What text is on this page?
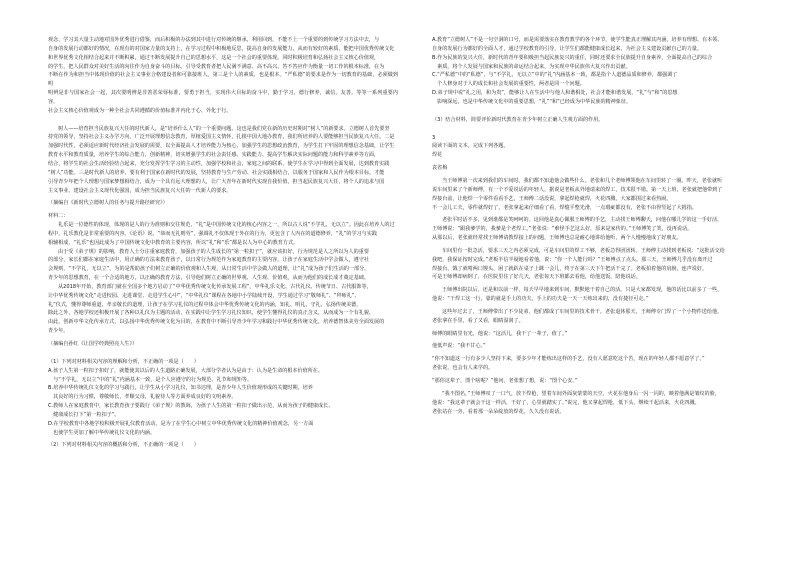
观念，学习其大量主动地对国外优秀进行借鉴，而后积极的办法到其中进行对传统的继承，利用回到，不能不上一个重要的到传统学习方法中去，与

自身的发展行动都好的情况，在现有的对国家力量的支持上，在学习过程中积极地反思，提高自身的发展能力，从而有较好的素质，能把中国优秀传统文化

和世界优秀文化相结合起来并不断积累，通过不断发展提升自己的思想水平，这是一个社会的重要体现。同时积极培育和弘扬社会主义核心价值观，

的学生，把人民群众对美好生活的向往作为自身奋斗的目标。引导受教育者把人民满不满意、高不高兴、答不答应作为衡量一切工作的根本标准，在为

不断在作为和担当中体现价值的社会主义事业合格建设者和可靠接班人。第三是个人的素质，也是根本。“严私德”的要求是作为一切教育的基础，必须做到明

明辨是非与国家社会一起，其次要明辨是非善恶荣辱标准，要勇于担当，实现伟大目标的奋斗中，勤于学习，德行修养，诚信、友善。等等一系列重要内容，

社会主义核心价值观成为一种全社会共同遵循的价值标准并内化于心、外化于行。

树人——培育担当民族复兴大任的时代新人，是“培养什么人”的一个重要问题。这也是我们党在新的历史时期对“树人”的新要求。立德树人首先要坚

持党的领导，坚持社会主义办学方向，广泛开展理想信念教育，厚植爱国主义情怀，扎根中国大地办教育，我们所培养的人要能够担当民族复兴大任。二是

加强时代性，必须适应新时代经济社会发展的需要，以全面提高人才培养能力为核心，加强学生的思想政治教育，为学生打下牢固的理想信念基础，让学生

教育水平和教育质量，培养学生的综合能力，创新精神，切实增强学生的社会责任感、实践能力、提高学生解决实际问题的能力和科学素养等方面，

结合，将学生的社会生活经验结合起来，充分发挥学生学习的主动性，加强学校和社会、家庭之间的联系，使学生在学习中得到全面发展，达到教育实践

“树人”功能。三是时代新人的培养，要有利于国家在新时代的发展，坚持教育与生产劳动、社会实践相结合，以服务于国家和人民作为根本目标，才能

引导青少年把个人理想与国家梦想相结合，成为一个具有远大理想的人，让广大青年在新时代实现自我价值，担当起民族复兴大任，将个人的追求与国

主义事业、建设社会主义现代化强国，成为担当民族复兴大任的一代新人的要求。

（摘编自《新时代立德树人的任务与提升路径研究》）

材料二：

礼乐是一位德性的体现，体现的是人的行为准则和交往规范，“礼”是中国传统文化的核心内容之一，所以古人说“不学礼，无以立”。因此在培养人的过

程中，礼乐教化是非常重要的内容。《论语》说，“恭而无礼则劳”，强调礼不仅体现于外在的行为，更包含了人内在的道德修养，“礼”的学习与实践

相辅相成，“礼乐”也因此成为了中国传统文化中教育的主要内容，所以“礼”和“乐”都是以人为中心的教育方式。

由于受《弟子规》的影响，教育人士分注重家庭教育，加强孩子的人生成长的“第一粒扣子”，就应该扣好，行为规范是人之所以为人的重要

的部分，家长们都在家庭生活中，用正确的方法来教育孩子，以日常行为规范作为家庭教育的主要内容，让孩子在家庭生活中学会做人，遵守社

会规则，“不学礼，无以立”，为的是帮助孩子们树立正确的价值观和人生观，从日常生活中学会做人的道理，让“礼”成为孩子们生活的一部分。

青少年的思想教育，在一个合适的地方，以正确的教育方法，引导他们树立正确的世界观、人生观、价值观，从而为他们的成长成才奠定基础。

从2018年开始，教育部门就在全国多个地方启动了“中华优秀传统文化传承发展工程”，中华礼乐文化、古代礼仪、传统节日、古代服饰等，

让中华优秀传统文化“走进校园、走进课堂、走进学生心中”，“中华礼仪”课程在各地中小学陆续开设，学生通过学习“敬师礼”、“拜师礼”、

礼”仪式，懂得尊师重道、孝亲敬长的道理，让孩子在学习礼仪的过程中体会中华优秀传统文化的内涵，知礼、明礼、守礼，弘扬传统美德，

除此之外，各地学校还积极开展了各种以礼仪为主题的活动，在实践中让学生学习礼仪知识，使学生懂得礼仪的真正含义，从而成为一个有礼貌、

由此，创新中华文化传承方式，以弘扬中华优秀传统文化为目的，在教育中不断引导青少年学习和践行中华优秀传统文化，培养德智体美劳全面发展的

青少年。

（摘编自孙红《让国学经典照亮人生》）

（1）下列对材料相关内容的理解和分析，不正确的一项是（　　）

A.孩子人生第一粒扣子扣好了，就能使其以后的人生道路正确发展，大部分学者认为是由于：认为是生命的根本价值所在。

　与“不学礼，无以立”中的“礼”内涵基本一致，是个人应遵守的行为规范、礼节和规矩等。

B.培养中华传统礼仪文化的学习与践行，让学生从小学习礼仪，知书达理，是青少年人生价值观形成的关键时期，培养

　其良好的行为习惯，尊敬师长，孝顺父母，礼貌待人等方面养成良好的文明素养。

C.教师人在家庭教育中，家长教育孩子要践行《弟子规》的教诲，为孩子人生的第一粒扣子做出示范，从而为孩子的健康成长、

　健康成长打下“第一粒扣子”。

D.在学校教育中各地学校积极开展礼仪教育活动，是为了在学生心中树立中华优秀传统文化的精神价值观念，另一方面

　也使学生更加了解中华传统礼仪文化的内涵。

（2）下列对材料相关内容的概括和分析，不正确的一项是（　　）

A.教育“立德树人”不是一句空洞的口号，而是需要落实在教育教学的各个环节，使学生能真正理解其内涵，培养有理想、有本领、

自身的发展行为都好的全面人才，通过学校教育的引导，让学生们都能健康成长起来，为社会主义建设贡献自己的力量。

B.作为民族的复兴大任，新时代的青年要积极担当起民族复兴的重任，同时还要求全民族提升自身素养，全面提高自己的综合

　素质，将个人发展与国家和民族的命运结合起来，为实现中华民族伟大复兴作出贡献。

C.“严私德”中的“私德”，与“不学礼，无以立”中的“礼”内涵基本一致，都是指个人道德品质和修养，都强调了

　个人修身对于人的成长和社会发展的重要性，两者是同一个问题。

D.弟子规中说“礼之用，和为贵”，能够让人在生活中与他人和谐相处，社会才能和谐发展，“礼”与“和”的思想

　影响深远，也是中华传统文化中的重要思想，“礼”“和”已经成为中华民族的精神象征。

（3）结合材料，简要评价新时代教育在青少年树立正确人生观方面的作用。

3

阅读下面的文本，完成下列各题。

焊花

袁省梅

当王师傅第一次来到我们的车间时，我们都不知道他会做些什么。老张和几个老师傅领他在车间里转了一圈。昨天，老张就听

说车间里来了个新师傅，有一个不爱说话的年轻人，据说是老板从外地请来的焊工，技术很不错。第一天上班，老张就把他带到了

焊接台前，让他焊一个零件看看手艺，王师傅二话没说，拿起焊枪就焊，火花四溅，大家都围过来看热闹。

不一会儿工夫，零件就焊好了，老张拿起来仔细看了看，焊缝平整光滑，一点瑕疵都没有，老张不由得竖起了大拇指。

老张平时话不多，见到谁都是笑呵呵的。这回他是真心佩服王师傅的手艺，主动找王师傅聊天，问他在哪儿学的这一手好活，

王师傅说：“跟我爹学的，我爹是个老焊工。”老张说：“难怪手艺这么好，原来是家传的。”王师傅笑了笑，没再说话。

从那以后，老张就经常找王师傅请教焊接上的问题，王师傅也总是耐心地讲给他听，两个人慢慢地成了好朋友。

车间里有一批急活，要求三天之内必须完成，可是车间里的焊工不够，老板急得团团转。王师傅主动找到老板说：“这批活交给

我吧，我保证按时完成。”老板半信半疑地看着他，说：“你一个人能行吗？”王师傅点了点头。那三天，王师傅几乎没有离开过

焊接台，饿了就啃两口馒头，困了就趴在桌子上眯一会儿，终于在第三天下午把活干完了。老板拍着他的肩膀，连声说好。

可是王师傅却病倒了，在医院里住了好几天，老张每天下班都去看他，给他送饭，陪他说话。

王师傅出院以后，还是和以前一样，每天早早地来到车间，默默地干着自己的活。只是大家都发现，他的话比以前多了一些。

他说：“干焊工这一行，靠的就是手上的功夫，手上的功夫是一天一天练出来的，没有捷径可走。”

这些年过去了，王师傅带出了不少徒弟，他们都成了车间里的技术骨干。老张退休那天，王师傅专门焊了一个小物件送给他，

老张拿在手里，看了又看，眼睛湿润了。

师傅的眼睛里有光，他说：“这活儿，我干了一辈子，值了。”

他低声说：“我不甘心。”

“你不知道这一行有多少人坚持下来，要多少年才能练出这样的手艺，没有人愿意吃这个苦，现在的年轻人都不愿意学了。”

老张说，也会有人来学的。

“那你这辈子，图个啥呢？”他问。老张想了想，说：“图个心安。”

“我不图名，”王师傅叹了一口气，放下焊枪，望着车间外面灰蒙蒙的天空，火花在他身后一闪一闪的，映着他满是皱纹的脸，

他说：“我这辈子就会干这一样活，干好了，心里就踏实了。”说完，他又拿起焊枪，低下头，继续干起活来，火花四溅。

老张站在一旁，看着那一朵朵绽放的焊花，久久没有说话。
